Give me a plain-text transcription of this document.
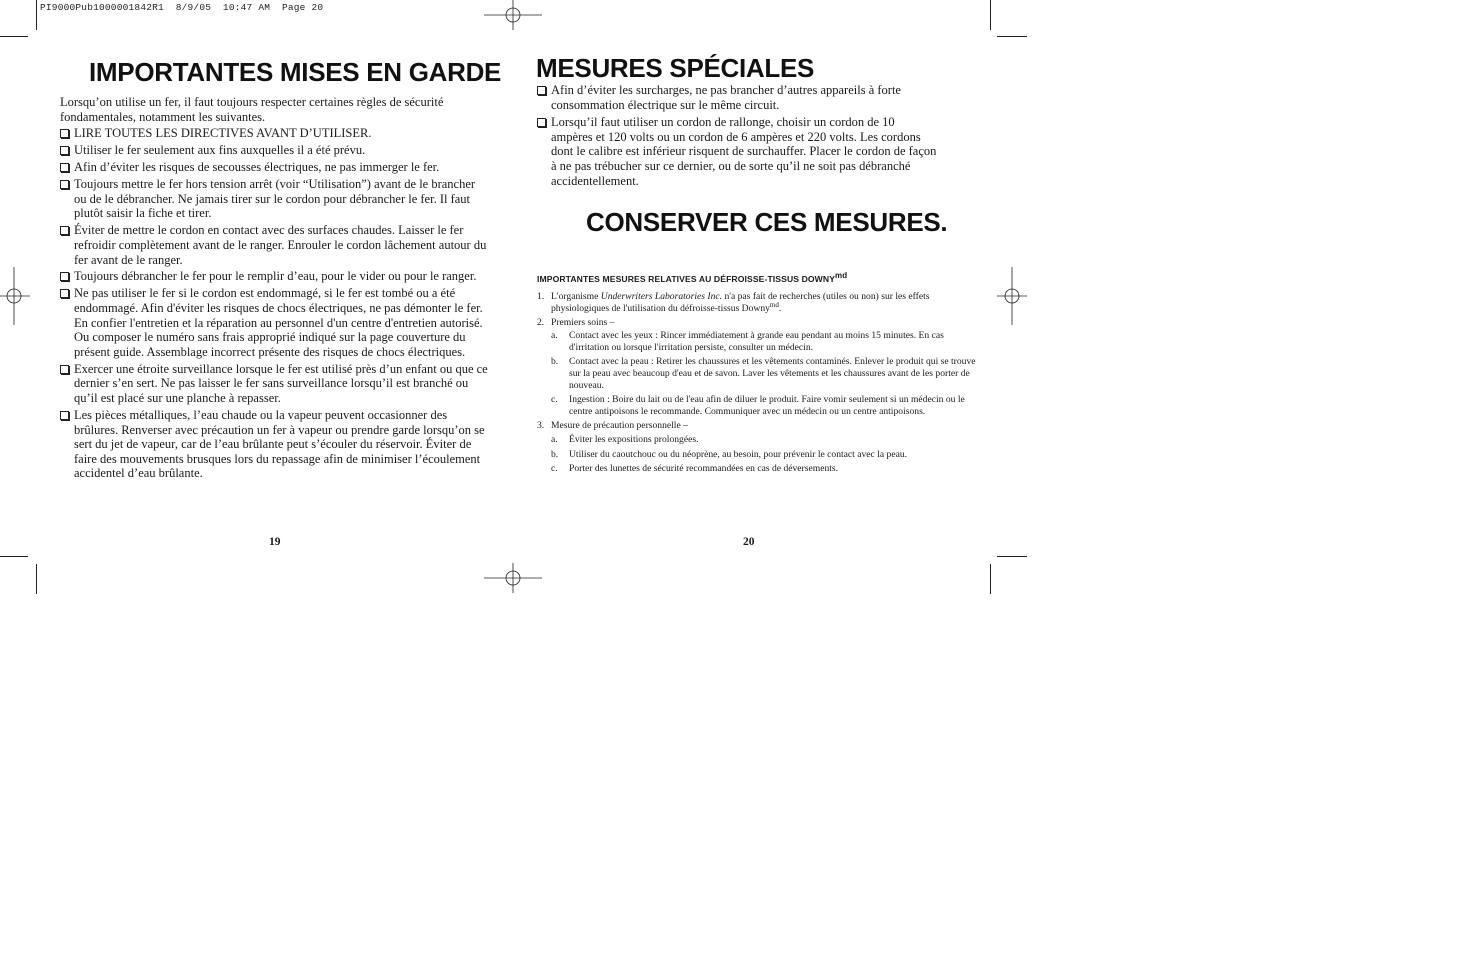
PI9000Pub1000001842R1  8/9/05  10:47 AM  Page 20
IMPORTANTES MISES EN GARDE

Lorsqu’on utilise un fer, il faut toujours respecter certaines règles de sécurité fondamentales, notamment les suivantes.

LIRE TOUTES LES DIRECTIVES AVANT D’UTILISER.
Utiliser le fer seulement aux fins auxquelles il a été prévu.
Afin d’éviter les risques de secousses électriques, ne pas immerger le fer.
Toujours mettre le fer hors tension arrêt (voir “Utilisation”) avant de le brancher ou de le débrancher. Ne jamais tirer sur le cordon pour débrancher le fer. Il faut plutôt saisir la fiche et tirer.
Éviter de mettre le cordon en contact avec des surfaces chaudes. Laisser le fer refroidir complètement avant de le ranger. Enrouler le cordon lâchement autour du fer avant de le ranger.
Toujours débrancher le fer pour le remplir d’eau, pour le vider ou pour le ranger.
Ne pas utiliser le fer si le cordon est endommagé, si le fer est tombé ou a été endommagé. Afin d'éviter les risques de chocs électriques, ne pas démonter le fer. En confier l'entretien et la réparation au personnel d'un centre d'entretien autorisé. Ou composer le numéro sans frais approprié indiqué sur la page couverture du présent guide. Assemblage incorrect présente des risques de chocs électriques.
Exercer une étroite surveillance lorsque le fer est utilisé près d’un enfant ou que ce dernier s’en sert. Ne pas laisser le fer sans surveillance lorsqu’il est branché ou qu’il est placé sur une planche à repasser.
Les pièces métalliques, l’eau chaude ou la vapeur peuvent occasionner des brûlures. Renverser avec précaution un fer à vapeur ou prendre garde lorsqu’on se sert du jet de vapeur, car de l’eau brûlante peut s’écouler du réservoir. Éviter de faire des mouvements brusques lors du repassage afin de minimiser l’écoulement accidentel d’eau brûlante.
19
MESURES SPÉCIALES
Afin d’éviter les surcharges, ne pas brancher d’autres appareils à forte consommation électrique sur le même circuit.
Lorsqu’il faut utiliser un cordon de rallonge, choisir un cordon de 10 ampères et 120 volts ou un cordon de 6 ampères et 220 volts. Les cordons dont le calibre est inférieur risquent de surchauffer. Placer le cordon de façon à ne pas trébucher sur ce dernier, ou de sorte qu’il ne soit pas débranché accidentellement.
CONSERVER CES MESURES.
IMPORTANTES MESURES RELATIVES AU DÉFROISSE-TISSUS $DOWNY^{md}$
1. L'organisme Underwriters Laboratories Inc. n'a pas fait de recherches (utiles ou non) sur les effets physiologiques de l'utilisation du défroisse-tissus Downy$^{md}$.
2. Premiers soins –
a. Contact avec les yeux : Rincer immédiatement à grande eau pendant au moins 15 minutes. En cas d'irritation ou lorsque l'irritation persiste, consulter un médecin.
b. Contact avec la peau : Retirer les chaussures et les vêtements contaminés. Enlever le produit qui se trouve sur la peau avec beaucoup d'eau et de savon. Laver les vêtements et les chaussures avant de les porter de nouveau.
c. Ingestion : Boire du lait ou de l'eau afin de diluer le produit. Faire vomir seulement si un médecin ou le centre antipoisons le recommande. Communiquer avec un médecin ou un centre antipoisons.
3. Mesure de précaution personnelle –
a. Éviter les expositions prolongées.
b. Utiliser du caoutchouc ou du néoprène, au besoin, pour prévenir le contact avec la peau.
c. Porter des lunettes de sécurité recommandées en cas de déversements.
20
